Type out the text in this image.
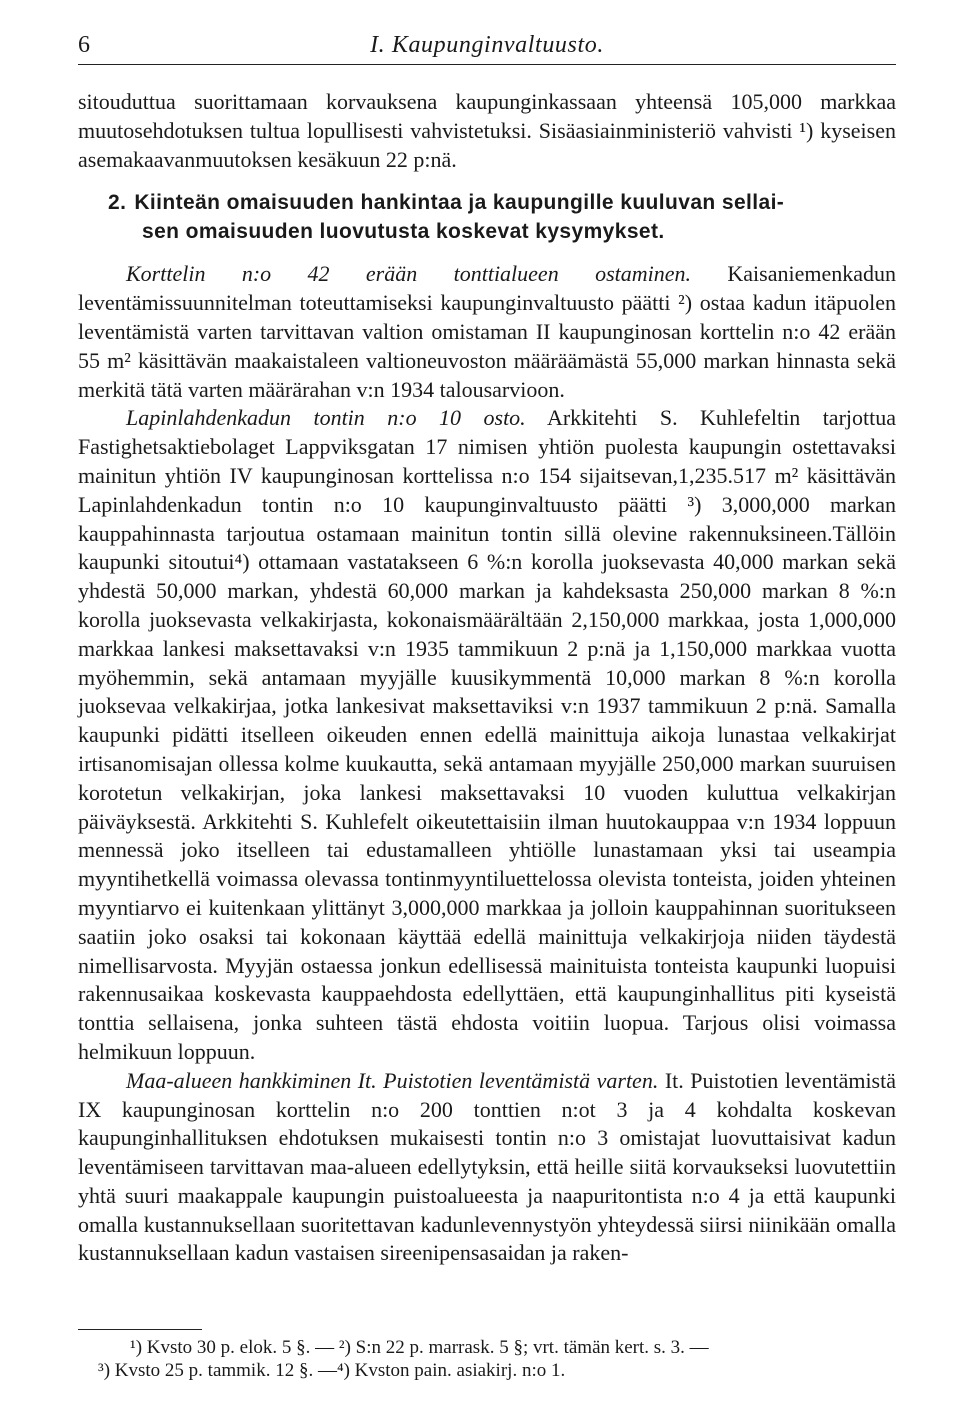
6	I. Kaupunginvaltuusto.

sitouduttua suorittamaan korvauksena kaupunginkassaan yhteensä 105,000 markkaa muutosehdotuksen tultua lopullisesti vahvistetuksi. Sisäasiainministeriö vahvisti ¹) kyseisen asemakaavanmuutoksen kesäkuun 22 p:nä.

2. Kiinteän omaisuuden hankintaa ja kaupungille kuuluvan sellai-
sen omaisuuden luovutusta koskevat kysymykset.

Korttelin n:o 42 erään tonttialueen ostaminen. Kaisaniemenkadun leventämissuunnitelman toteuttamiseksi kaupunginvaltuusto päätti ²) ostaa kadun itäpuolen leventämistä varten tarvittavan valtion omistaman II kaupunginosan korttelin n:o 42 erään 55 m² käsittävän maakaistaleen valtioneuvoston määräämästä 55,000 markan hinnasta sekä merkitä tätä varten määrärahan v:n 1934 talousarvioon.

Lapinlahdenkadun tontin n:o 10 osto. Arkkitehti S. Kuhlefeltin tarjottua Fastighetsaktiebolaget Lappviksgatan 17 nimisen yhtiön puolesta kaupungin ostettavaksi mainitun yhtiön IV kaupunginosan korttelissa n:o 154 sijaitsevan,1,235.517 m² käsittävän Lapinlahdenkadun tontin n:o 10 kaupunginvaltuusto päätti ³) 3,000,000 markan kauppahinnasta tarjoutua ostamaan mainitun tontin sillä olevine rakennuksineen.Tällöin kaupunki sitoutui⁴) ottamaan vastatakseen 6 %:n korolla juoksevasta 40,000 markan sekä yhdestä 50,000 markan, yhdestä 60,000 markan ja kahdeksasta 250,000 markan 8 %:n korolla juoksevasta velkakirjasta, kokonaismäärältään 2,150,000 markkaa, josta 1,000,000 markkaa lankesi maksettavaksi v:n 1935 tammikuun 2 p:nä ja 1,150,000 markkaa vuotta myöhemmin, sekä antamaan myyjälle kuusikymmentä 10,000 markan 8 %:n korolla juoksevaa velkakirjaa, jotka lankesivat maksettaviksi v:n 1937 tammikuun 2 p:nä. Samalla kaupunki pidätti itselleen oikeuden ennen edellä mainittuja aikoja lunastaa velkakirjat irtisanomisajan ollessa kolme kuukautta, sekä antamaan myyjälle 250,000 markan suuruisen korotetun velkakirjan, joka lankesi maksettavaksi 10 vuoden kuluttua velkakirjan päiväyksestä. Arkkitehti S. Kuhlefelt oikeutettaisiin ilman huutokauppaa v:n 1934 loppuun mennessä joko itselleen tai edustamalleen yhtiölle lunastamaan yksi tai useampia myyntihetkellä voimassa olevassa tontinmyyntiluettelossa olevista tonteista, joiden yhteinen myyntiarvo ei kuitenkaan ylittänyt 3,000,000 markkaa ja jolloin kauppahinnan suoritukseen saatiin joko osaksi tai kokonaan käyttää edellä mainittuja velkakirjoja niiden täydestä nimellisarvosta. Myyjän ostaessa jonkun edellisessä mainituista tonteista kaupunki luopuisi rakennusaikaa koskevasta kauppaehdosta edellyttäen, että kaupunginhallitus piti kyseistä tonttia sellaisena, jonka suhteen tästä ehdosta voitiin luopua. Tarjous olisi voimassa helmikuun loppuun.

Maa-alueen hankkiminen It. Puistotien leventämistä varten. It. Puistotien leventämistä IX kaupunginosan korttelin n:o 200 tonttien n:ot 3 ja 4 kohdalta koskevan kaupunginhallituksen ehdotuksen mukaisesti tontin n:o 3 omistajat luovuttaisivat kadun leventämiseen tarvittavan maa-alueen edellytyksin, että heille siitä korvaukseksi luovutettiin yhtä suuri maakappale kaupungin puistoalueesta ja naapuritontista n:o 4 ja että kaupunki omalla kustannuksellaan suoritettavan kadunlevennystyön yhteydessä siirsi niinikään omalla kustannuksellaan kadun vastaisen sireenipensasaidan ja raken-

¹) Kvsto 30 p. elok. 5 §. — ²) S:n 22 p. marrask. 5 §; vrt. tämän kert. s. 3. —

³) Kvsto 25 p. tammik. 12 §. —⁴) Kvston pain. asiakirj. n:o 1.
